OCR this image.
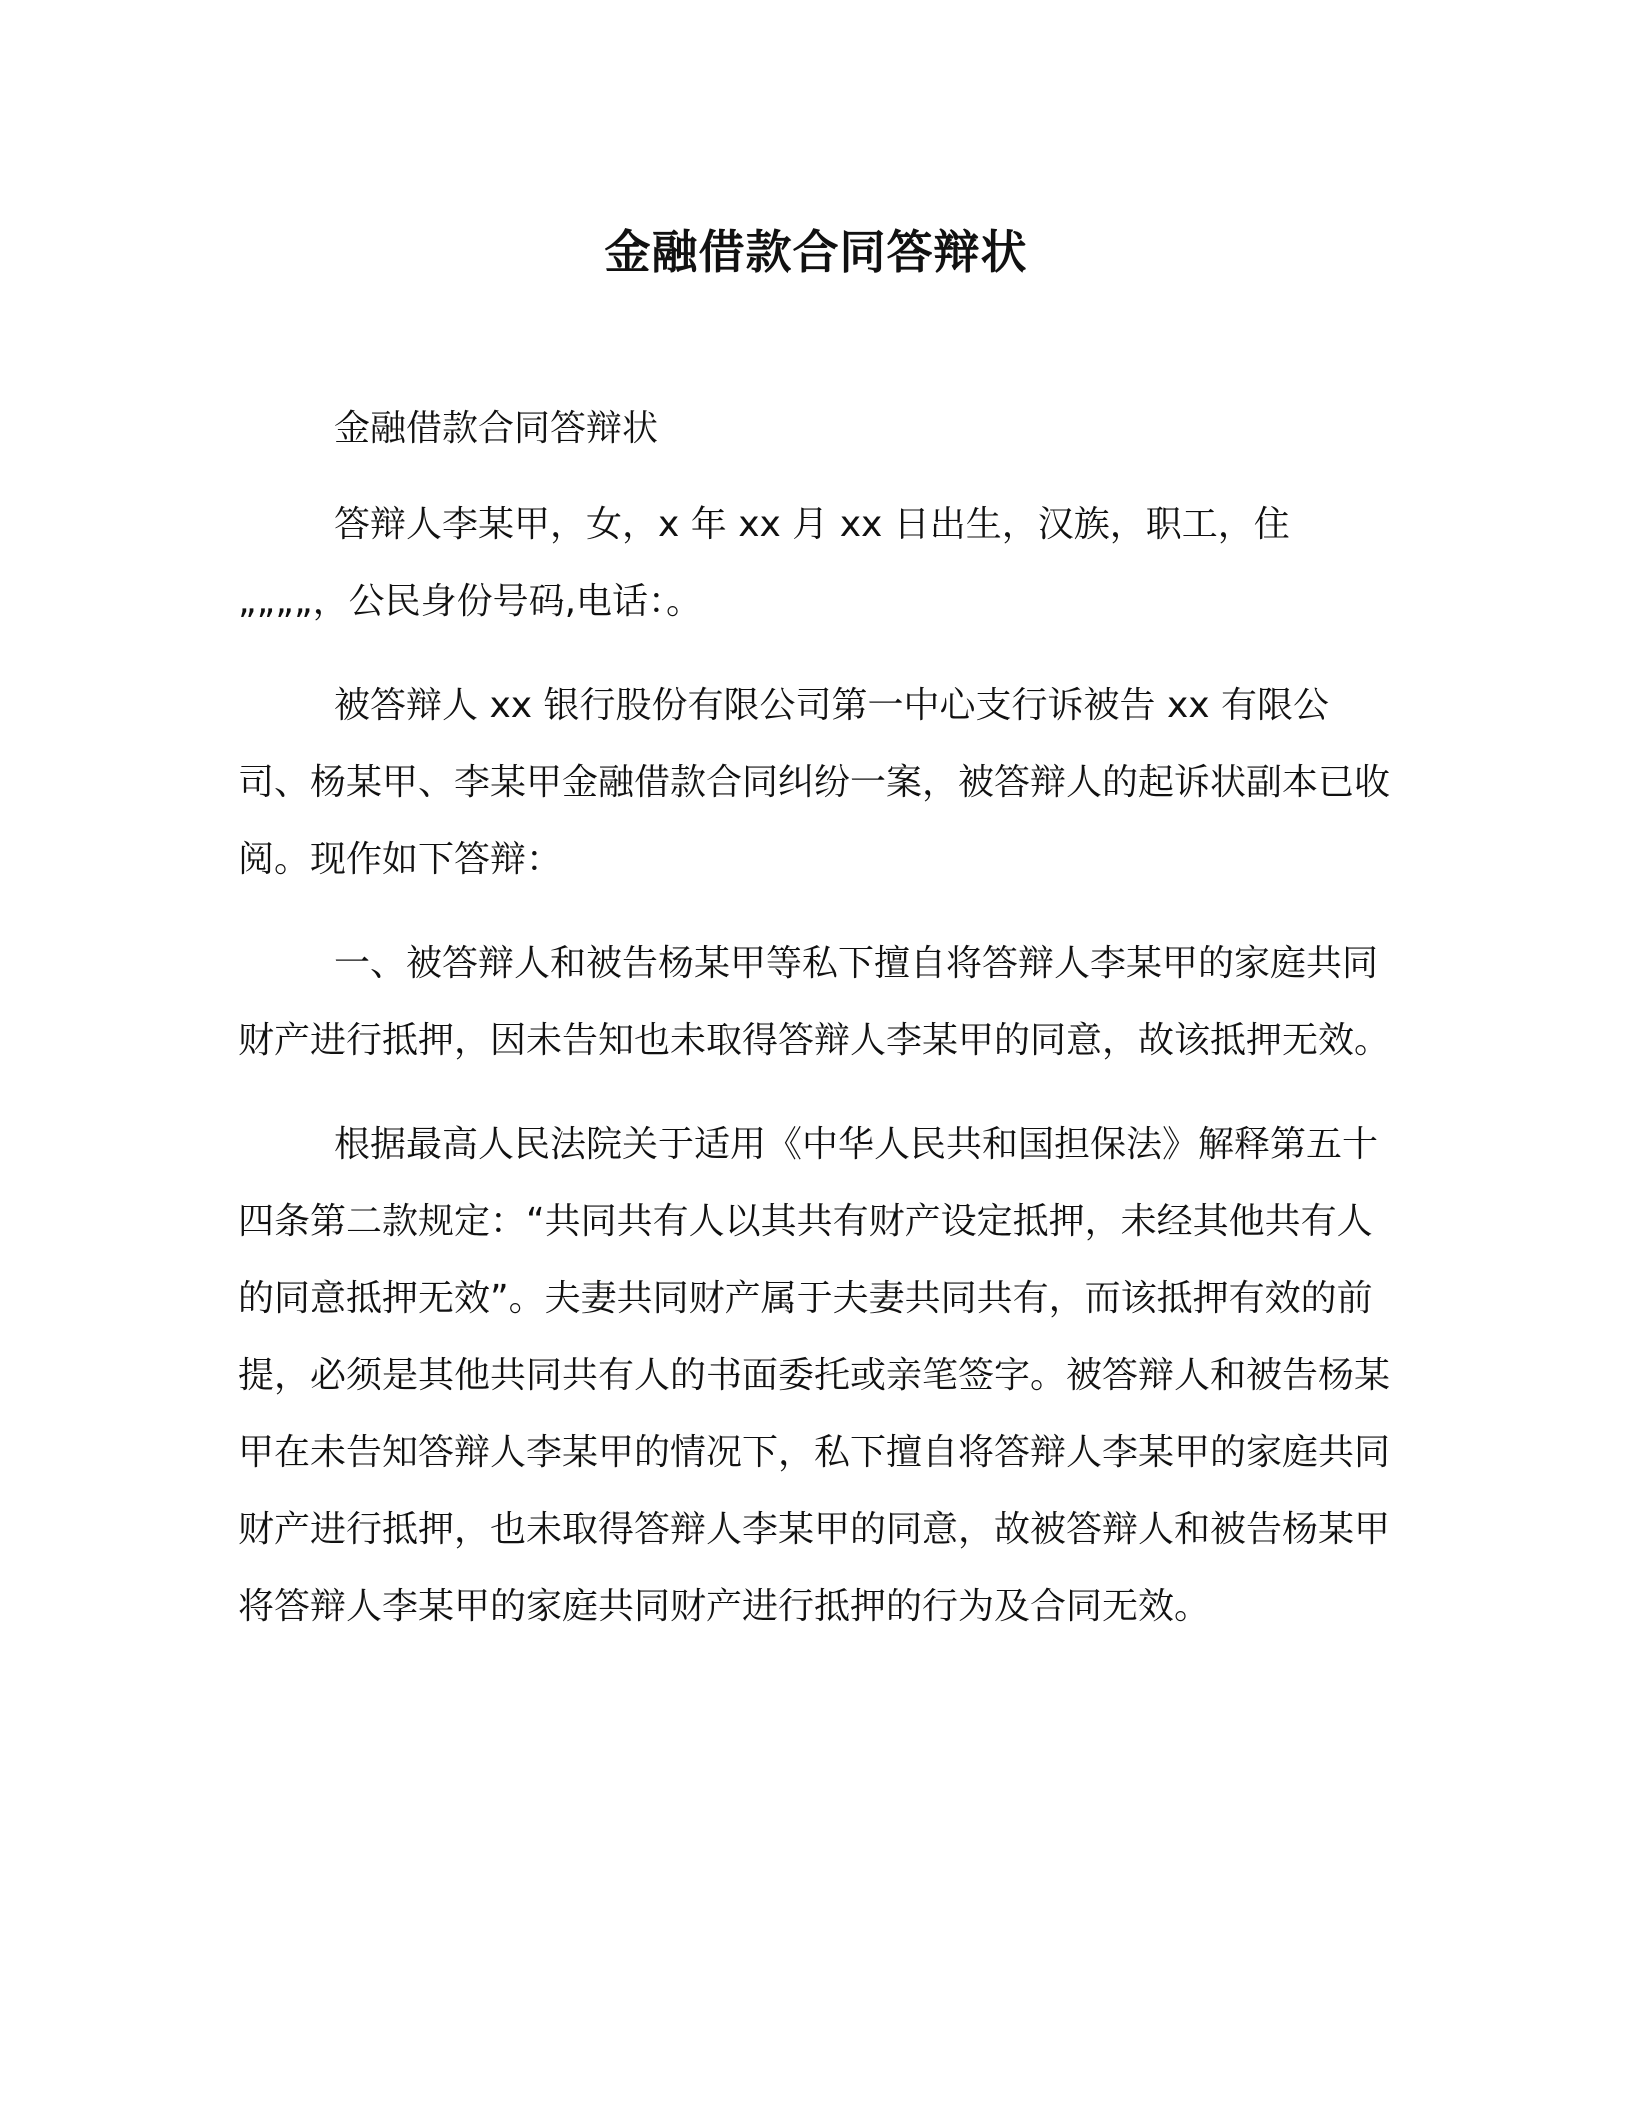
金融借款合同答辩状

金融借款合同答辩状

答辩人李某甲，女，x 年 xx 月 xx 日出生，汉族，职工，住„„„„，公民身份号码,电话：。

被答辩人 xx 银行股份有限公司第一中心支行诉被告 xx 有限公司、杨某甲、李某甲金融借款合同纠纷一案，被答辩人的起诉状副本已收阅。现作如下答辩：

一、被答辩人和被告杨某甲等私下擅自将答辩人李某甲的家庭共同财产进行抵押，因未告知也未取得答辩人李某甲的同意，故该抵押无效。

根据最高人民法院关于适用《中华人民共和国担保法》解释第五十四条第二款规定：“共同共有人以其共有财产设定抵押，未经其他共有人的同意抵押无效”。夫妻共同财产属于夫妻共同共有，而该抵押有效的前提，必须是其他共同共有人的书面委托或亲笔签字。被答辩人和被告杨某甲在未告知答辩人李某甲的情况下，私下擅自将答辩人李某甲的家庭共同财产进行抵押，也未取得答辩人李某甲的同意，故被答辩人和被告杨某甲将答辩人李某甲的家庭共同财产进行抵押的行为及合同无效。
